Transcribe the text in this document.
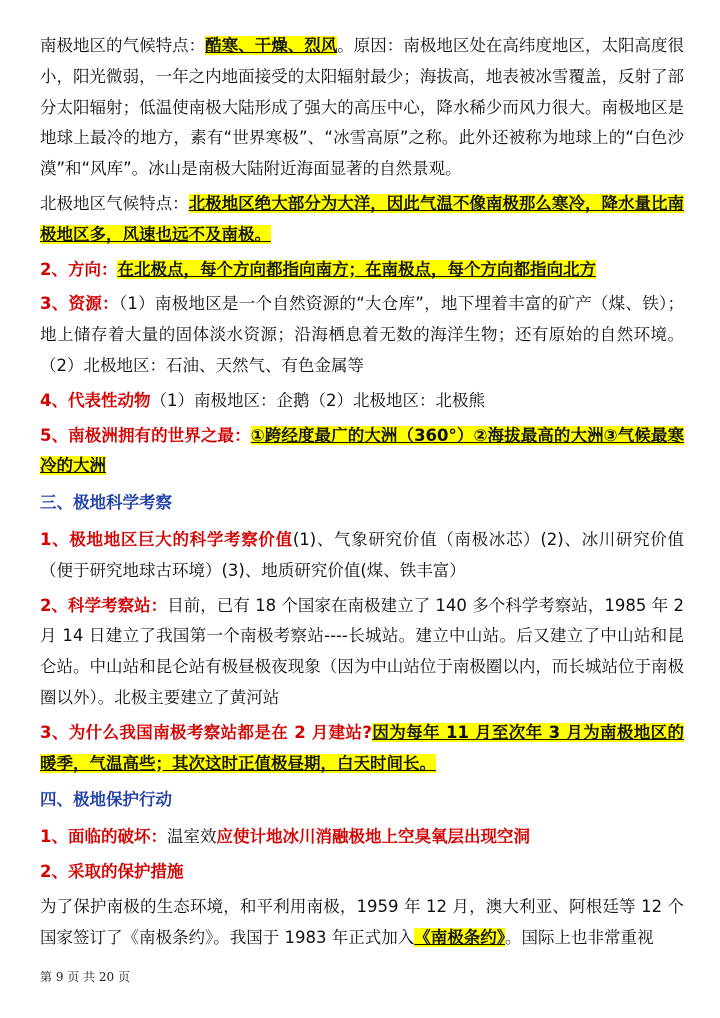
南极地区的气候特点：酷寒、干燥、烈风。原因：南极地区处在高纬度地区，太阳高度很小，阳光微弱，一年之内地面接受的太阳辐射最少；海拔高，地表被冰雪覆盖，反射了部分太阳辐射；低温使南极大陆形成了强大的高压中心，降水稀少而风力很大。南极地区是地球上最冷的地方，素有“世界寒极”、“冰雪高原”之称。此外还被称为地球上的“白色沙漠”和“风库”。冰山是南极大陆附近海面显著的自然景观。

北极地区气候特点：北极地区绝大部分为大洋，因此气温不像南极那么寒冷，降水量比南极地区多，风速也远不及南极。

2、方向：在北极点，每个方向都指向南方；在南极点，每个方向都指向北方

3、资源：（1）南极地区是一个自然资源的“大仓库”，地下埋着丰富的矿产（煤、铁）；地上储存着大量的固体淡水资源；沿海栖息着无数的海洋生物；还有原始的自然环境。（2）北极地区：石油、天然气、有色金属等

4、代表性动物（1）南极地区：企鹅（2）北极地区：北极熊

5、南极洲拥有的世界之最：①跨经度最广的大洲（360°）②海拔最高的大洲③气候最寒冷的大洲

三、极地科学考察

1、极地地区巨大的科学考察价值(1)、气象研究价值（南极冰芯）(2)、冰川研究价值（便于研究地球古环境）(3)、地质研究价值(煤、铁丰富）

2、科学考察站：目前，已有 18 个国家在南极建立了 140 多个科学考察站，1985 年 2 月 14 日建立了我国第一个南极考察站----长城站。建立中山站。后又建立了中山站和昆仑站。中山站和昆仑站有极昼极夜现象（因为中山站位于南极圈以内，而长城站位于南极圈以外）。北极主要建立了黄河站

3、为什么我国南极考察站都是在 2 月建站?因为每年 11 月至次年 3 月为南极地区的暖季，气温高些；其次这时正值极昼期，白天时间长。

四、极地保护行动

1、面临的破坏：温室效应使计地冰川消融极地上空臭氧层出现空洞

2、采取的保护措施

为了保护南极的生态环境，和平利用南极，1959 年 12 月，澳大利亚、阿根廷等 12 个国家签订了《南极条约》。我国于 1983 年正式加入《南极条约》。国际上也非常重视

第 9 页 共 20 页
